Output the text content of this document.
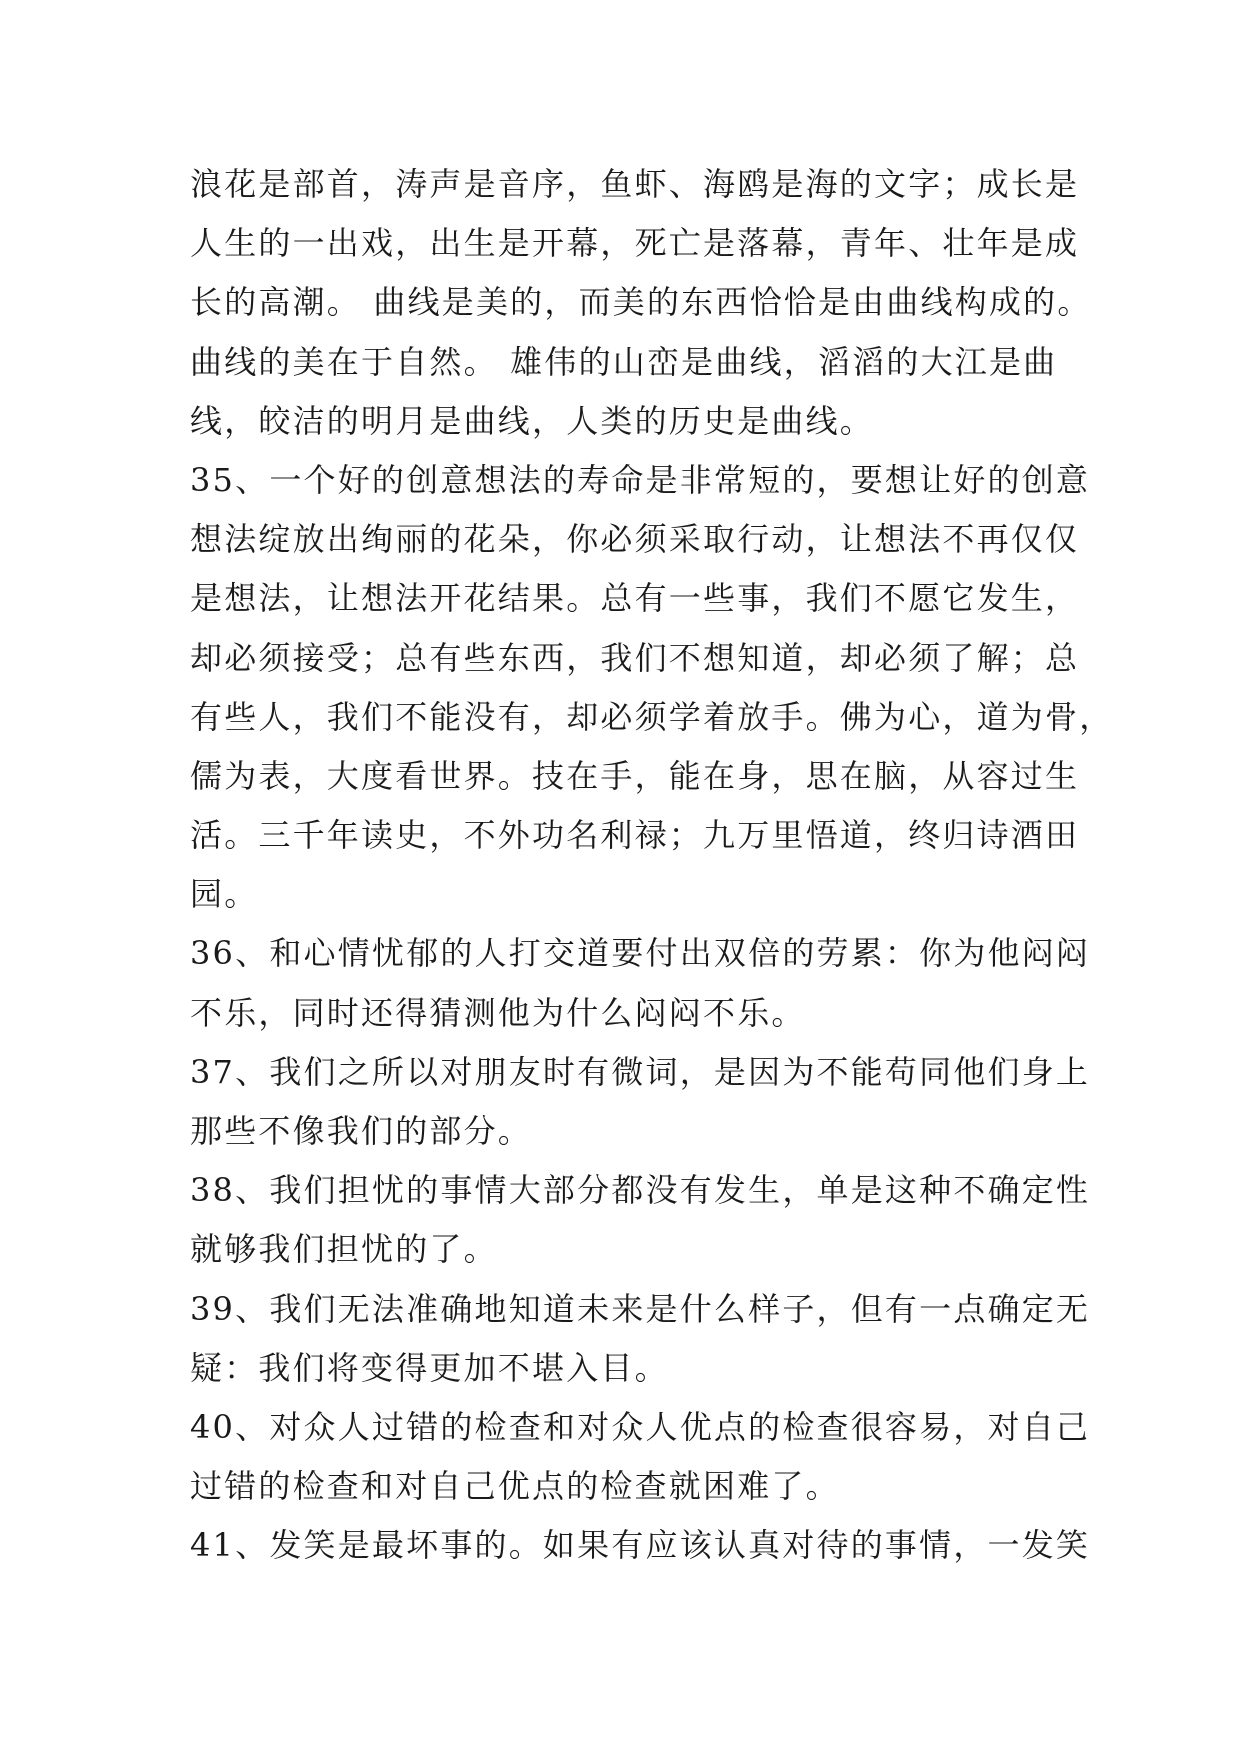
浪花是部首，涛声是音序，鱼虾、海鸥是海的文字；成长是
人生的一出戏，出生是开幕，死亡是落幕，青年、壮年是成
长的高潮。 曲线是美的，而美的东西恰恰是由曲线构成的。
曲线的美在于自然。 雄伟的山峦是曲线，滔滔的大江是曲
线，皎洁的明月是曲线，人类的历史是曲线。
35、一个好的创意想法的寿命是非常短的，要想让好的创意
想法绽放出绚丽的花朵，你必须采取行动，让想法不再仅仅
是想法，让想法开花结果。总有一些事，我们不愿它发生，
却必须接受；总有些东西，我们不想知道，却必须了解；总
有些人，我们不能没有，却必须学着放手。佛为心，道为骨，
儒为表，大度看世界。技在手，能在身，思在脑，从容过生
活。三千年读史，不外功名利禄；九万里悟道，终归诗酒田
园。
36、和心情忧郁的人打交道要付出双倍的劳累：你为他闷闷
不乐，同时还得猜测他为什么闷闷不乐。
37、我们之所以对朋友时有微词，是因为不能苟同他们身上
那些不像我们的部分。
38、我们担忧的事情大部分都没有发生，单是这种不确定性
就够我们担忧的了。
39、我们无法准确地知道未来是什么样子，但有一点确定无
疑：我们将变得更加不堪入目。
40、对众人过错的检查和对众人优点的检查很容易，对自己
过错的检查和对自己优点的检查就困难了。
41、发笑是最坏事的。如果有应该认真对待的事情，一发笑
